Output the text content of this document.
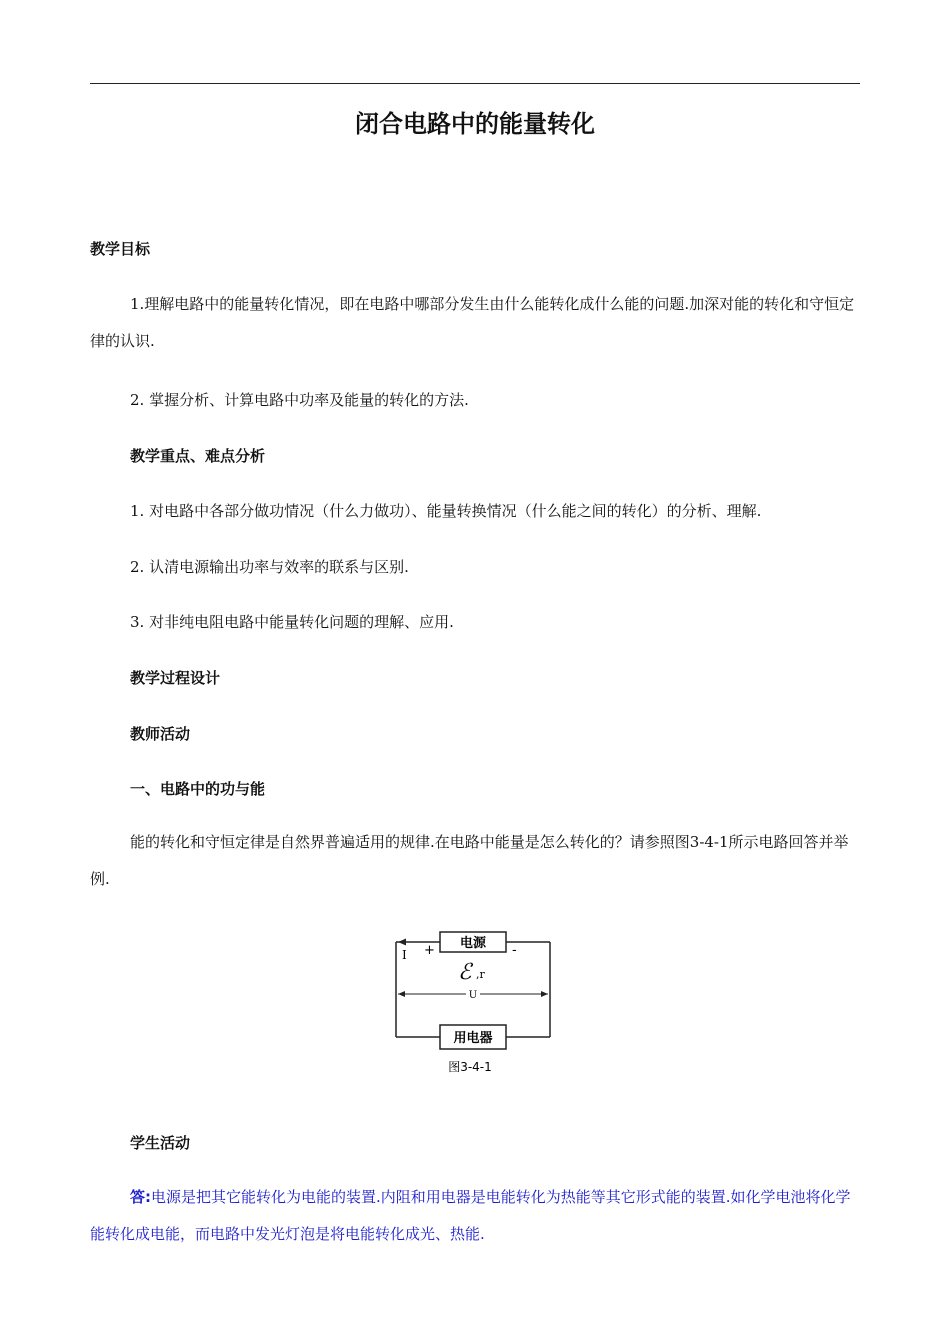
闭合电路中的能量转化
教学目标

1.理解电路中的能量转化情况，即在电路中哪部分发生由什么能转化成什么能的问题.加深对能的转化和守恒定律的认识.

2. 掌握分析、计算电路中功率及能量的转化的方法.

教学重点、难点分析

1. 对电路中各部分做功情况（什么力做功）、能量转换情况（什么能之间的转化）的分析、理解.

2. 认清电源输出功率与效率的联系与区别.

3. 对非纯电阻电路中能量转化问题的理解、应用.

教学过程设计
教师活动
一、电路中的功与能

能的转化和守恒定律是自然界普遍适用的规律.在电路中能量是怎么转化的？请参照图3-4-1所示电路回答并举例.

电源
用电器
I +	-
ℰ ,r
U
图3-4-1
学生活动

答:电源是把其它能转化为电能的装置.内阻和用电器是电能转化为热能等其它形式能的装置.如化学电池将化学能转化成电能，而电路中发光灯泡是将电能转化成光、热能.
